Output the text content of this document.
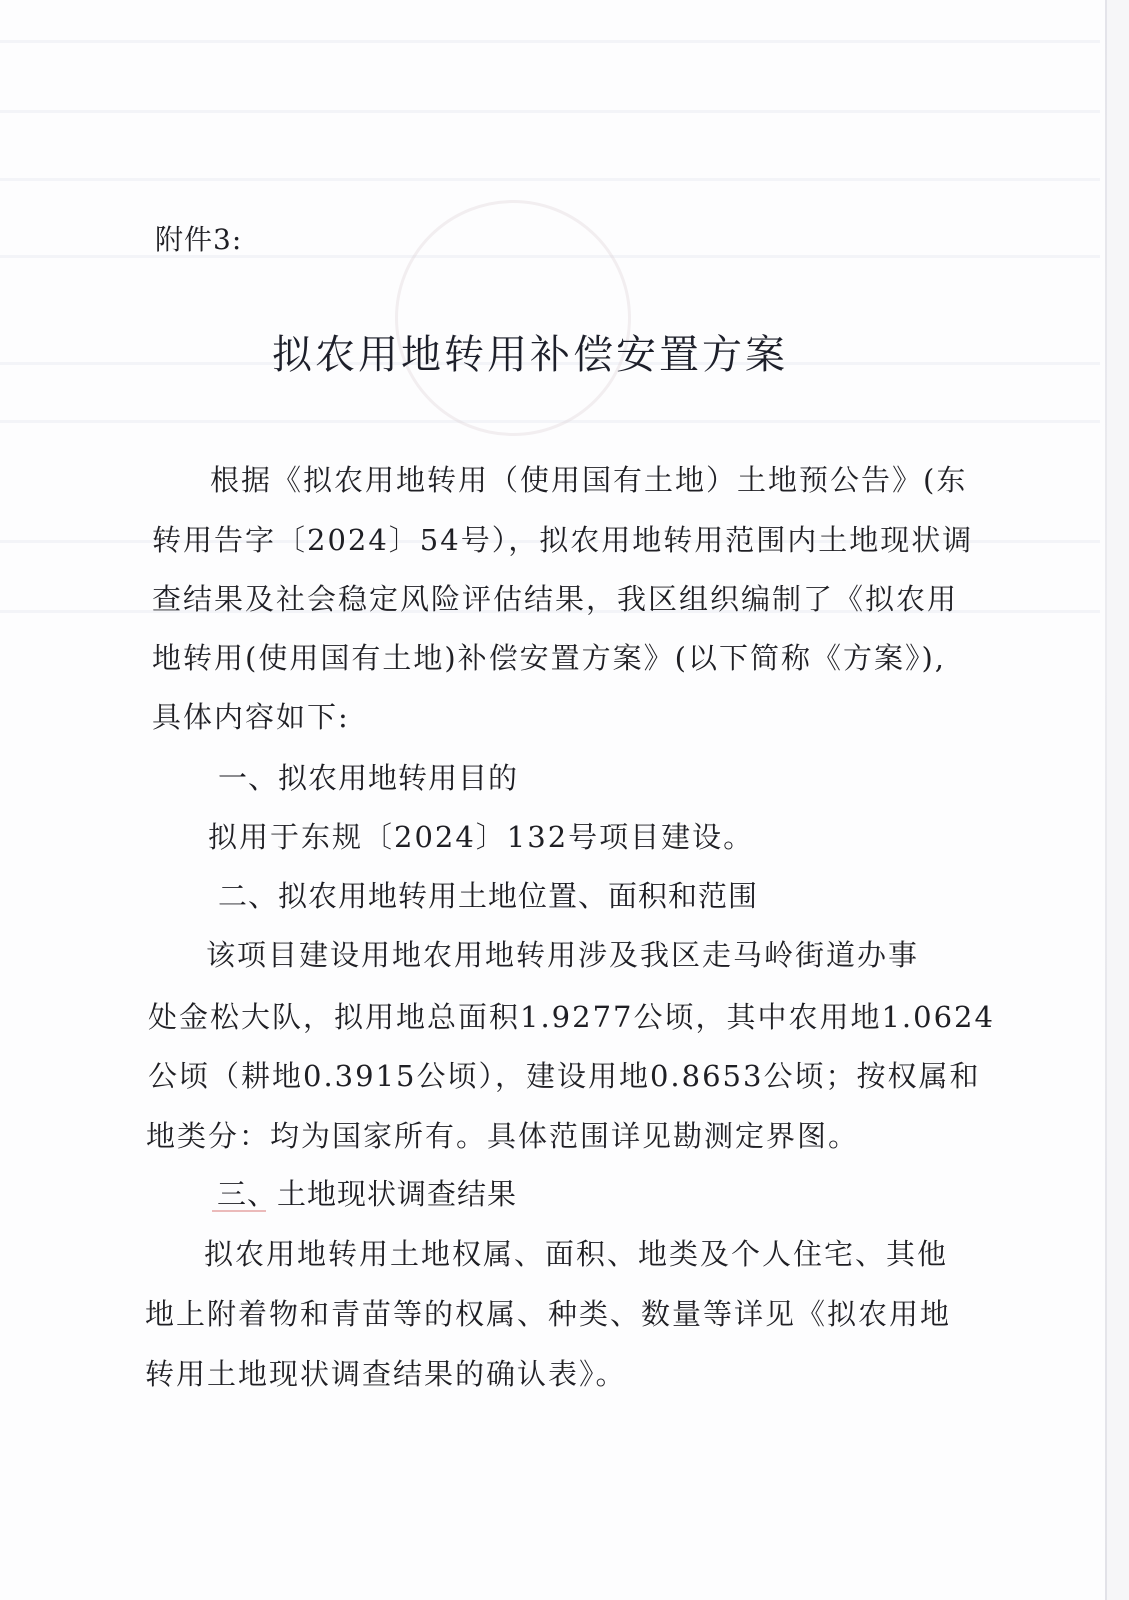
附件3:
拟农用地转用补偿安置方案
根据《拟农用地转用（使用国有土地）土地预公告》(东
转用告字〔2024〕54号），拟农用地转用范围内土地现状调
查结果及社会稳定风险评估结果，我区组织编制了《拟农用
地转用(使用国有土地)补偿安置方案》(以下简称《方案》),
具体内容如下:
一、拟农用地转用目的
拟用于东规〔2024〕132号项目建设。
二、拟农用地转用土地位置、面积和范围
该项目建设用地农用地转用涉及我区走马岭街道办事
处金松大队，拟用地总面积1.9277公顷，其中农用地1.0624
公顷（耕地0.3915公顷），建设用地0.8653公顷；按权属和
地类分：均为国家所有。具体范围详见勘测定界图。
三、土地现状调查结果
拟农用地转用土地权属、面积、地类及个人住宅、其他
地上附着物和青苗等的权属、种类、数量等详见《拟农用地
转用土地现状调查结果的确认表》。
